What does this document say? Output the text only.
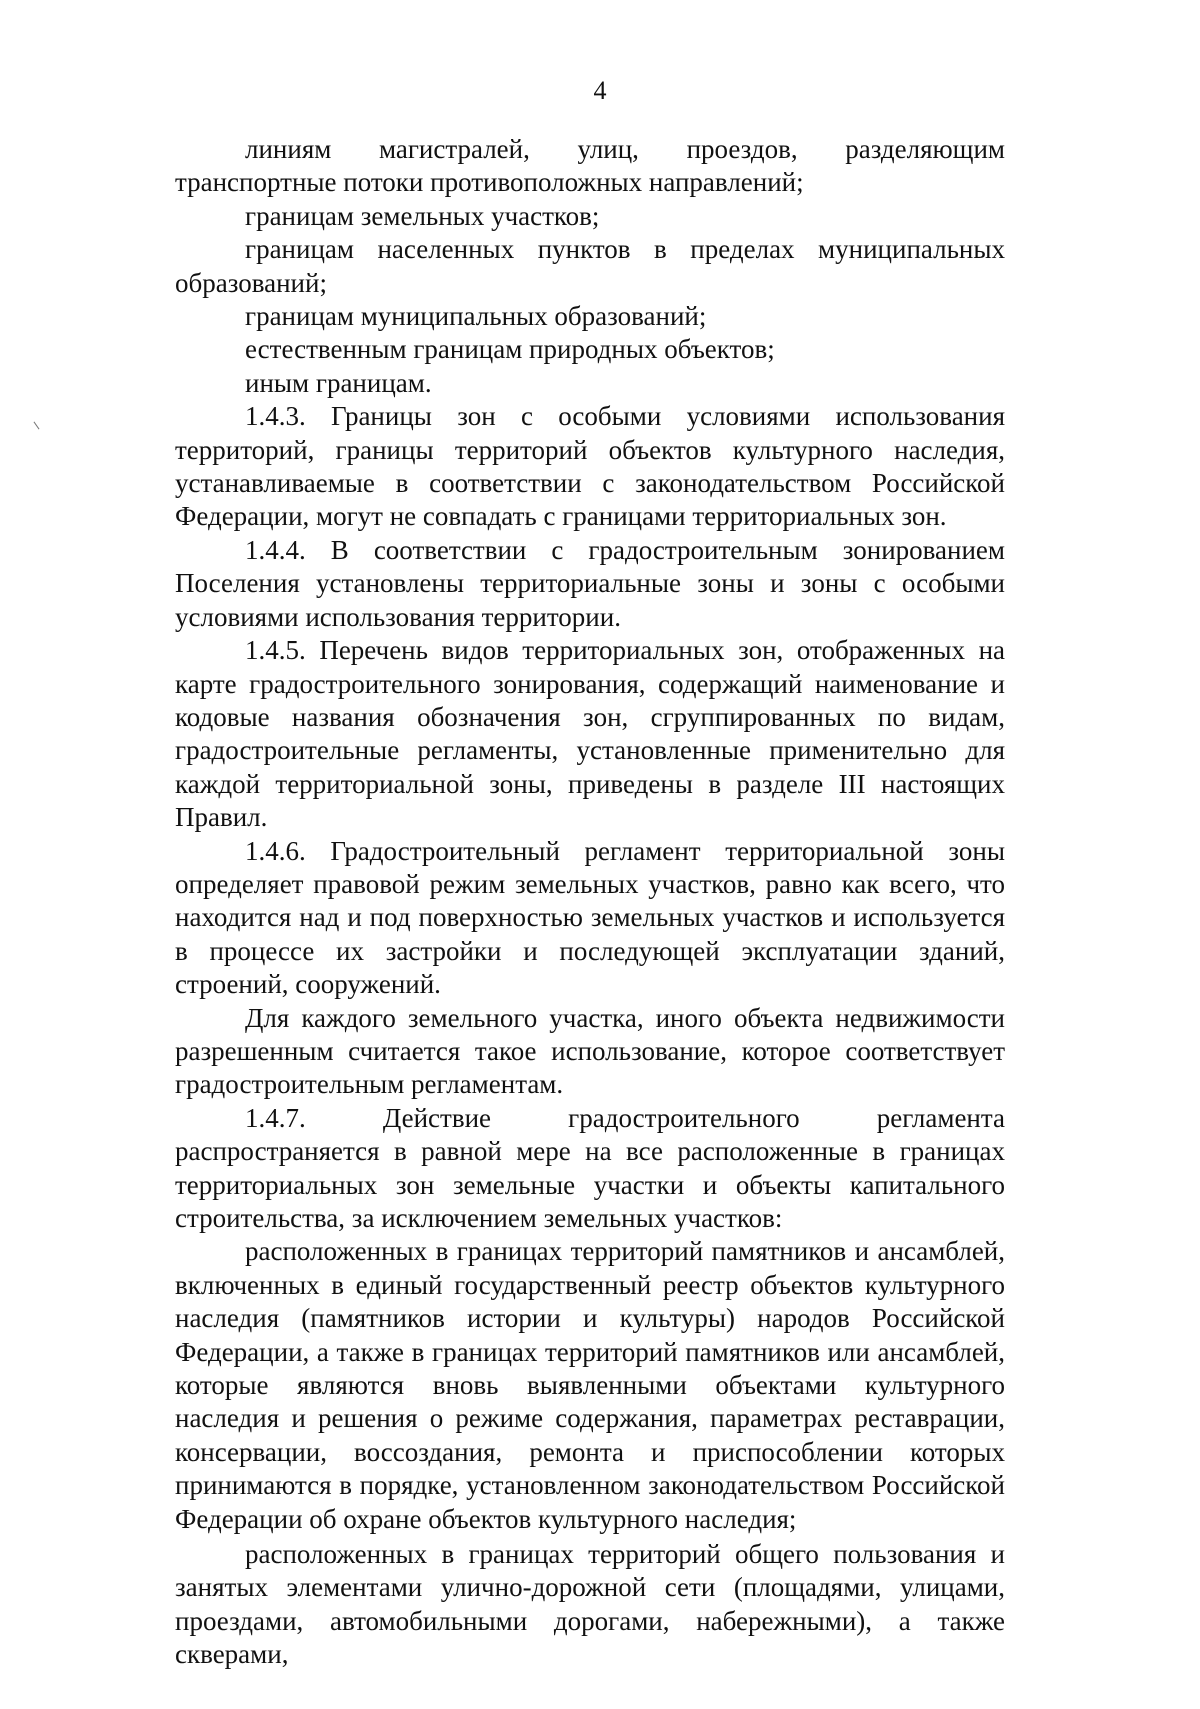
4

линиям магистралей, улиц, проездов, разделяющим транспортные потоки противоположных направлений;

границам земельных участков;

границам населенных пунктов в пределах муниципальных образований;

границам муниципальных образований;

естественным границам природных объектов;

иным границам.

1.4.3. Границы зон с особыми условиями использования территорий, границы территорий объектов культурного наследия, устанавливаемые в соответствии с законодательством Российской Федерации, могут не совпадать с границами территориальных зон.

1.4.4. В соответствии с градостроительным зонированием Поселения установлены территориальные зоны и зоны с особыми условиями использования территории.

1.4.5. Перечень видов территориальных зон, отображенных на карте градостроительного зонирования, содержащий наименование и кодовые названия обозначения зон, сгруппированных по видам, градостроительные регламенты, установленные применительно для каждой территориальной зоны, приведены в разделе III настоящих Правил.

1.4.6. Градостроительный регламент территориальной зоны определяет правовой режим земельных участков, равно как всего, что находится над и под поверхностью земельных участков и используется в процессе их застройки и последующей эксплуатации зданий, строений, сооружений.

Для каждого земельного участка, иного объекта недвижимости разрешенным считается такое использование, которое соответствует градостроительным регламентам.

1.4.7. Действие градостроительного регламента распространяется в равной мере на все расположенные в границах территориальных зон земельные участки и объекты капитального строительства, за исключением земельных участков:

расположенных в границах территорий памятников и ансамблей, включенных в единый государственный реестр объектов культурного наследия (памятников истории и культуры) народов Российской Федерации, а также в границах территорий памятников или ансамблей, которые являются вновь выявленными объектами культурного наследия и решения о режиме содержания, параметрах реставрации, консервации, воссоздания, ремонта и приспособлении которых принимаются в порядке, установленном законодательством Российской Федерации об охране объектов культурного наследия;

расположенных в границах территорий общего пользования и занятых элементами улично-дорожной сети (площадями, улицами, проездами, автомобильными дорогами, набережными), а также скверами,
